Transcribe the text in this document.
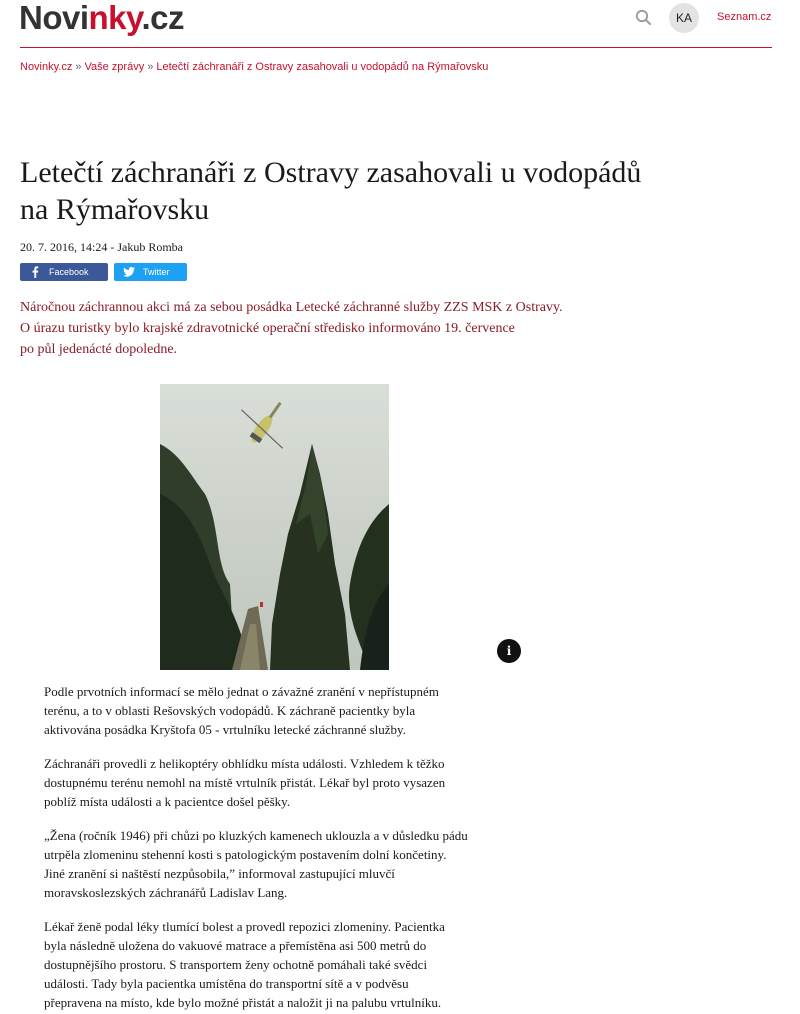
Novinky.cz	KA	Seznam.cz
Novinky.cz » Vaše zprávy » Letečtí záchranáři z Ostravy zasahovali u vodopádů na Rýmařovsku
Letečtí záchranáři z Ostravy zasahovali u vodopádů
na Rýmařovsku
20. 7. 2016, 14:24 - Jakub Romba
Facebook	Twitter
Náročnou záchrannou akci má za sebou posádka Letecké záchranné služby ZZS MSK z Ostravy.
O úrazu turistky bylo krajské zdravotnické operační středisko informováno 19. července
po půl jedenácté dopoledne.
i

Podle prvotních informací se mělo jednat o závažné zranění v nepřístupném
terénu, a to v oblasti Rešovských vodopádů. K záchraně pacientky byla
aktivována posádka Kryštofa 05 - vrtulníku letecké záchranné služby.

Záchranáři provedli z helikoptéry obhlídku místa události. Vzhledem k těžko
dostupnému terénu nemohl na místě vrtulník přistát. Lékař byl proto vysazen
poblíž místa události a k pacientce došel pěšky.

„Žena (ročník 1946) při chůzi po kluzkých kamenech uklouzla a v důsledku pádu
utrpěla zlomeninu stehenní kosti s patologickým postavením dolní končetiny.
Jiné zranění si naštěstí nezpůsobila,” informoval zastupující mluvčí
moravskoslezských záchranářů Ladislav Lang.

Lékař ženě podal léky tlumící bolest a provedl repozici zlomeniny. Pacientka
byla následně uložena do vakuové matrace a přemístěna asi 500 metrů do
dostupnějšího prostoru. S transportem ženy ochotně pomáhali také svědci
události. Tady byla pacientka umístěna do transportní sítě a v podvěsu
přepravena na místo, kde bylo možné přistát a naložit ji na palubu vrtulníku.
